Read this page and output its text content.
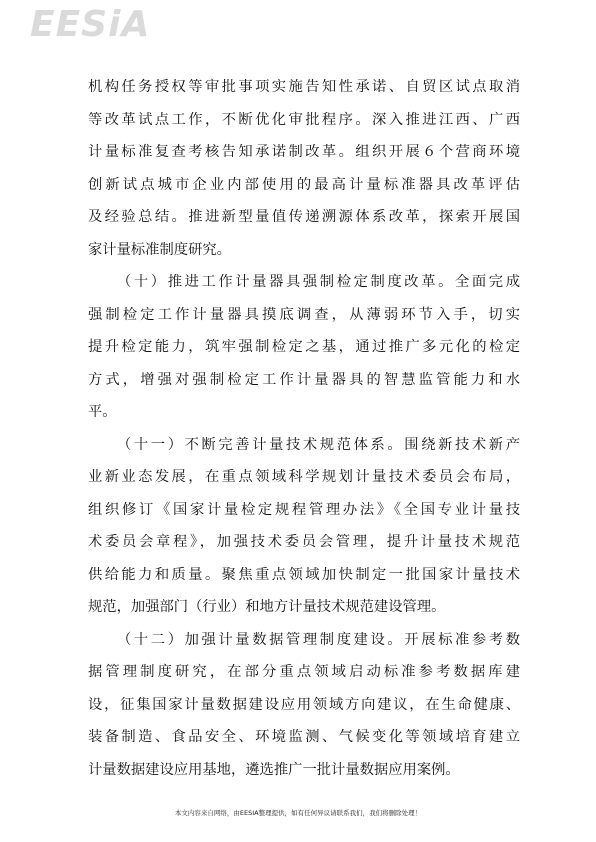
EESiA
机构任务授权等审批事项实施告知性承诺、自贸区试点取消
等改革试点工作，不断优化审批程序。深入推进江西、广西
计量标准复查考核告知承诺制改革。组织开展６个营商环境
创新试点城市企业内部使用的最高计量标准器具改革评估
及经验总结。推进新型量值传递溯源体系改革，探索开展国
家计量标准制度研究。
（十）推进工作计量器具强制检定制度改革。全面完成
强制检定工作计量器具摸底调查，从薄弱环节入手，切实
提升检定能力，筑牢强制检定之基，通过推广多元化的检定
方式，增强对强制检定工作计量器具的智慧监管能力和水
平。
（十一）不断完善计量技术规范体系。围绕新技术新产
业新业态发展，在重点领域科学规划计量技术委员会布局，
组织修订《国家计量检定规程管理办法》《全国专业计量技
术委员会章程》，加强技术委员会管理，提升计量技术规范
供给能力和质量。聚焦重点领域加快制定一批国家计量技术
规范，加强部门（行业）和地方计量技术规范建设管理。
（十二）加强计量数据管理制度建设。开展标准参考数
据管理制度研究，在部分重点领域启动标准参考数据库建
设，征集国家计量数据建设应用领域方向建议，在生命健康、
装备制造、食品安全、环境监测、气候变化等领域培育建立
计量数据建设应用基地，遴选推广一批计量数据应用案例。
本文内容来自网络，由EESIA整理提供，如有任何异议请联系我们，我们将删除处理！
